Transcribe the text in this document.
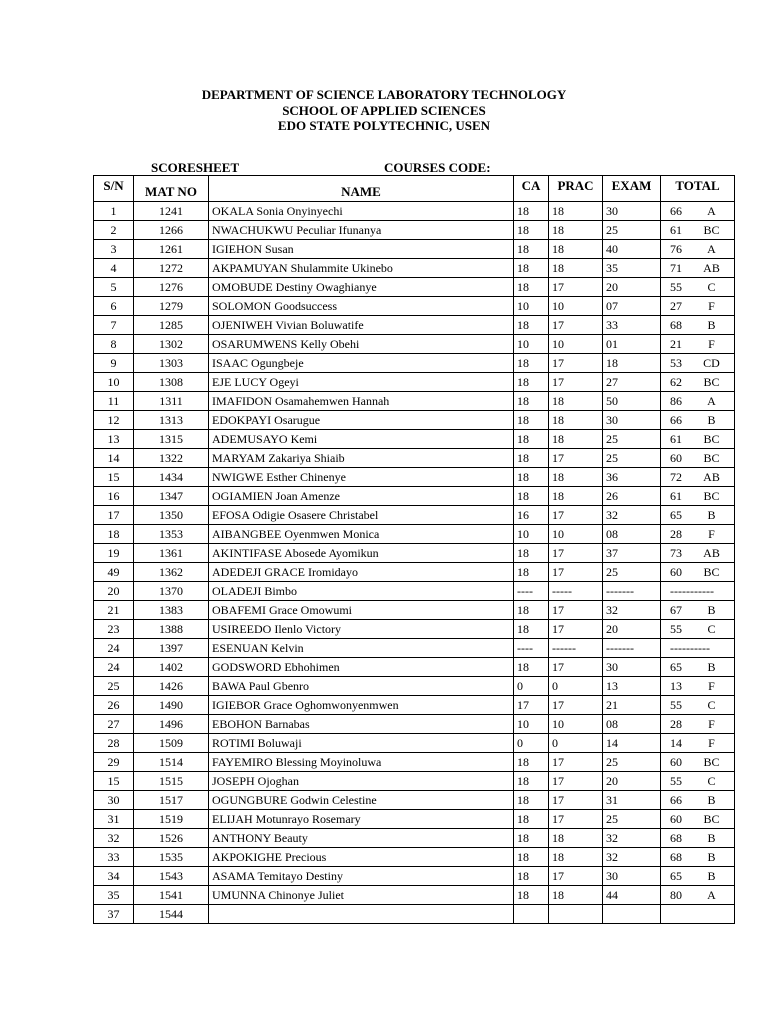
DEPARTMENT OF SCIENCE LABORATORY TECHNOLOGY
SCHOOL OF APPLIED SCIENCES
EDO STATE POLYTECHNIC, USEN
SCORESHEET	COURSES CODE:
S/N	MAT NO	NAME	CA	PRAC	EXAM	TOTAL
1	1241	OKALA Sonia Onyinyechi	18	18	30	66 A

2	1266	NWACHUKWU Peculiar Ifunanya	18	18	25	61 BC

3	1261	IGIEHON Susan	18	18	40	76 A

4	1272	AKPAMUYAN Shulammite Ukinebo	18	18	35	71 AB

5	1276	OMOBUDE Destiny Owaghianye	18	17	20	55 C

6	1279	SOLOMON Goodsuccess	10	10	07	27 F

7	1285	OJENIWEH Vivian Boluwatife	18	17	33	68 B

8	1302	OSARUMWENS Kelly Obehi	10	10	01	21 F

9	1303	ISAAC Ogungbeje	18	17	18	53 CD

10	1308	EJE LUCY Ogeyi	18	17	27	62 BC

11	1311	IMAFIDON Osamahemwen Hannah	18	18	50	86 A

12	1313	EDOKPAYI Osarugue	18	18	30	66 B

13	1315	ADEMUSAYO Kemi	18	18	25	61 BC

14	1322	MARYAM Zakariya Shiaib	18	17	25	60 BC

15	1434	NWIGWE Esther Chinenye	18	18	36	72 AB

16	1347	OGIAMIEN Joan Amenze	18	18	26	61 BC

17	1350	EFOSA Odigie Osasere Christabel	16	17	32	65 B

18	1353	AIBANGBEE Oyenmwen Monica	10	10	08	28 F

19	1361	AKINTIFASE Abosede Ayomikun	18	17	37	73 AB

49	1362	ADEDEJI GRACE Iromidayo	18	17	25	60 BC

20	1370	OLADEJI Bimbo	----	-----	-------	-----------

21	1383	OBAFEMI Grace Omowumi	18	17	32	67 B

23	1388	USIREEDO Ilenlo Victory	18	17	20	55 C

24	1397	ESENUAN Kelvin	----	------	-------	----------

24	1402	GODSWORD Ebhohimen	18	17	30	65 B

25	1426	BAWA Paul Gbenro	0	0	13	13 F

26	1490	IGIEBOR Grace Oghomwonyenmwen	17	17	21	55 C

27	1496	EBOHON Barnabas	10	10	08	28 F

28	1509	ROTIMI Boluwaji	0	0	14	14 F

29	1514	FAYEMIRO Blessing Moyinoluwa	18	17	25	60 BC

15	1515	JOSEPH Ojoghan	18	17	20	55 C

30	1517	OGUNGBURE Godwin Celestine	18	17	31	66 B

31	1519	ELIJAH Motunrayo Rosemary	18	17	25	60 BC

32	1526	ANTHONY Beauty	18	18	32	68 B

33	1535	AKPOKIGHE Precious	18	18	32	68 B

34	1543	ASAMA Temitayo Destiny	18	17	30	65 B

35	1541	UMUNNA Chinonye Juliet	18	18	44	80 A

37	1544					
